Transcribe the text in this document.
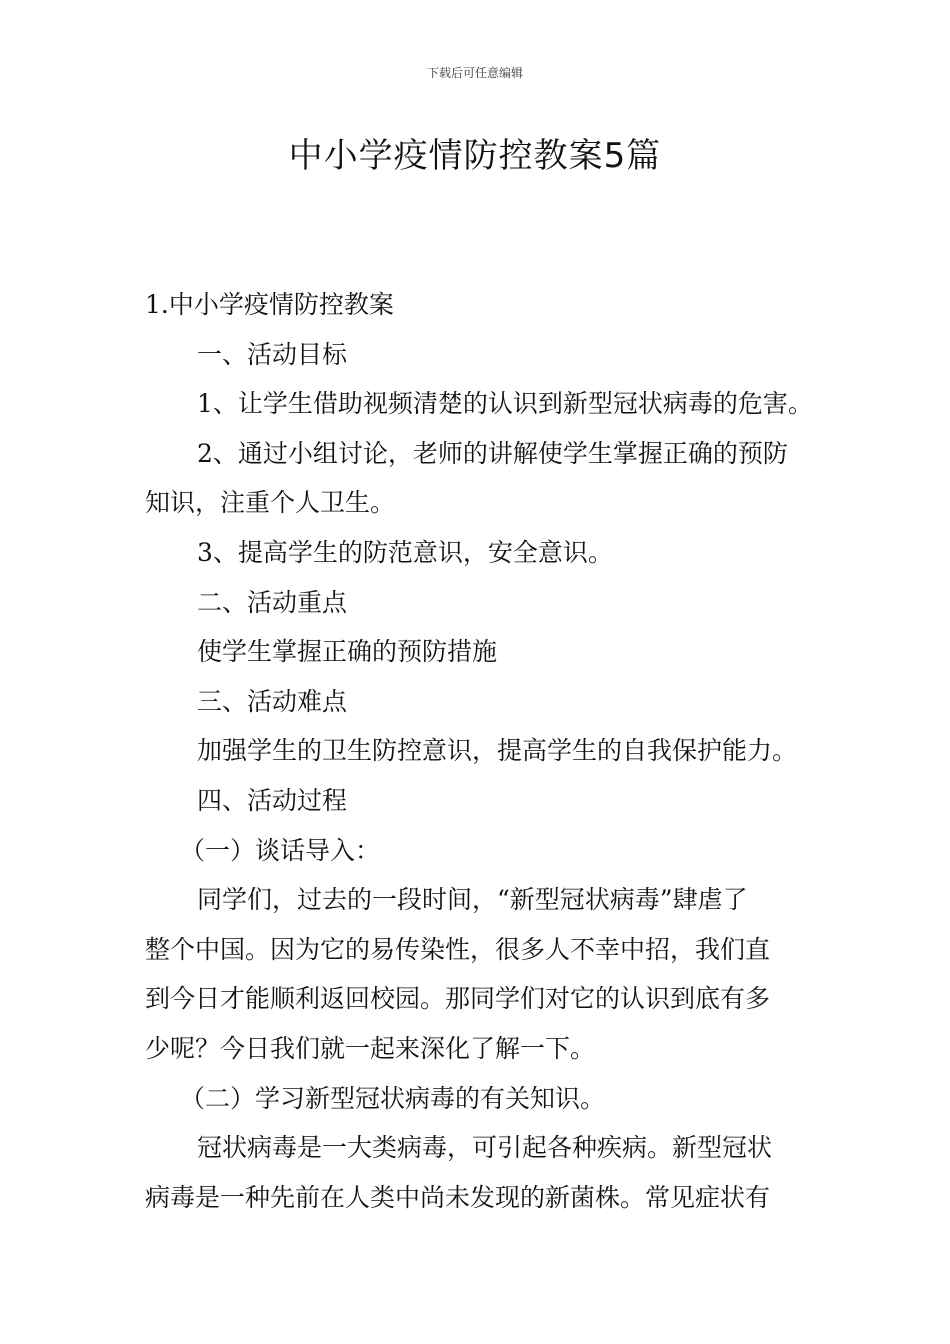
下载后可任意编辑
中小学疫情防控教案5篇

1.中小学疫情防控教案

一、活动目标

1、让学生借助视频清楚的认识到新型冠状病毒的危害。

2、通过小组讨论，老师的讲解使学生掌握正确的预防

知识，注重个人卫生。

3、提高学生的防范意识，安全意识。

二、活动重点

使学生掌握正确的预防措施

三、活动难点

加强学生的卫生防控意识，提高学生的自我保护能力。

四、活动过程

（一）谈话导入：

同学们，过去的一段时间，“新型冠状病毒”肆虐了

整个中国。因为它的易传染性，很多人不幸中招，我们直

到今日才能顺利返回校园。那同学们对它的认识到底有多

少呢？今日我们就一起来深化了解一下。

（二）学习新型冠状病毒的有关知识。

冠状病毒是一大类病毒，可引起各种疾病。新型冠状

病毒是一种先前在人类中尚未发现的新菌株。常见症状有
